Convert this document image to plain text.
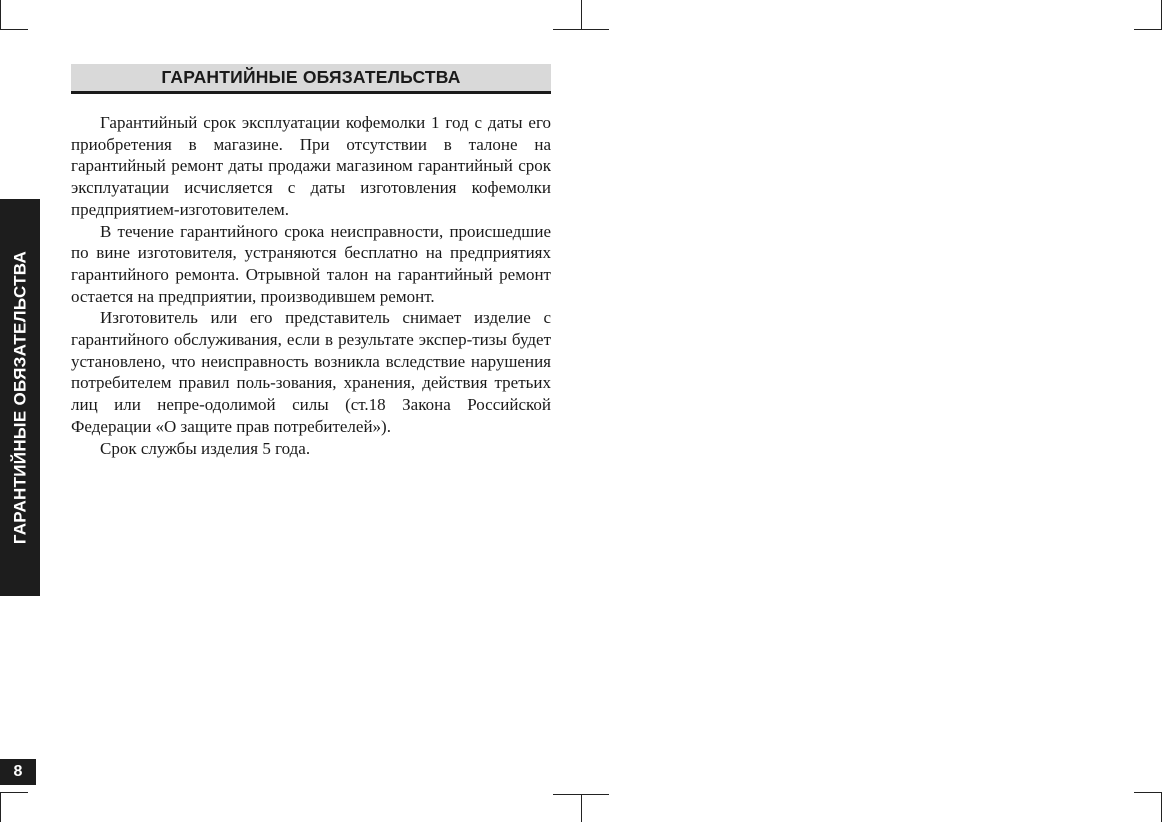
ГАРАНТИЙНЫЕ ОБЯЗАТЕЛЬСТВА
8
ГАРАНТИЙНЫЕ ОБЯЗАТЕЛЬСТВА

Гарантийный срок эксплуатации кофемолки 1 год с даты его приобретения в магазине. При отсутствии в талоне на гарантийный ремонт даты продажи магазином гарантийный срок эксплуатации исчисляется с даты изготовления кофемолки предприятием-изготовителем.

В течение гарантийного срока неисправности, происшедшие по вине изготовителя, устраняются бесплатно на предприятиях гарантийного ремонта. Отрывной талон на гарантийный ремонт остается на предприятии, производившем ремонт.

Изготовитель или его представитель снимает изделие с гарантийного обслуживания, если в результате экспер-тизы будет установлено, что неисправность возникла вследствие нарушения потребителем правил поль-зования, хранения, действия третьих лиц или непре-одолимой силы (ст.18 Закона Российской Федерации «О защите прав потребителей»).

Срок службы изделия 5 года.
